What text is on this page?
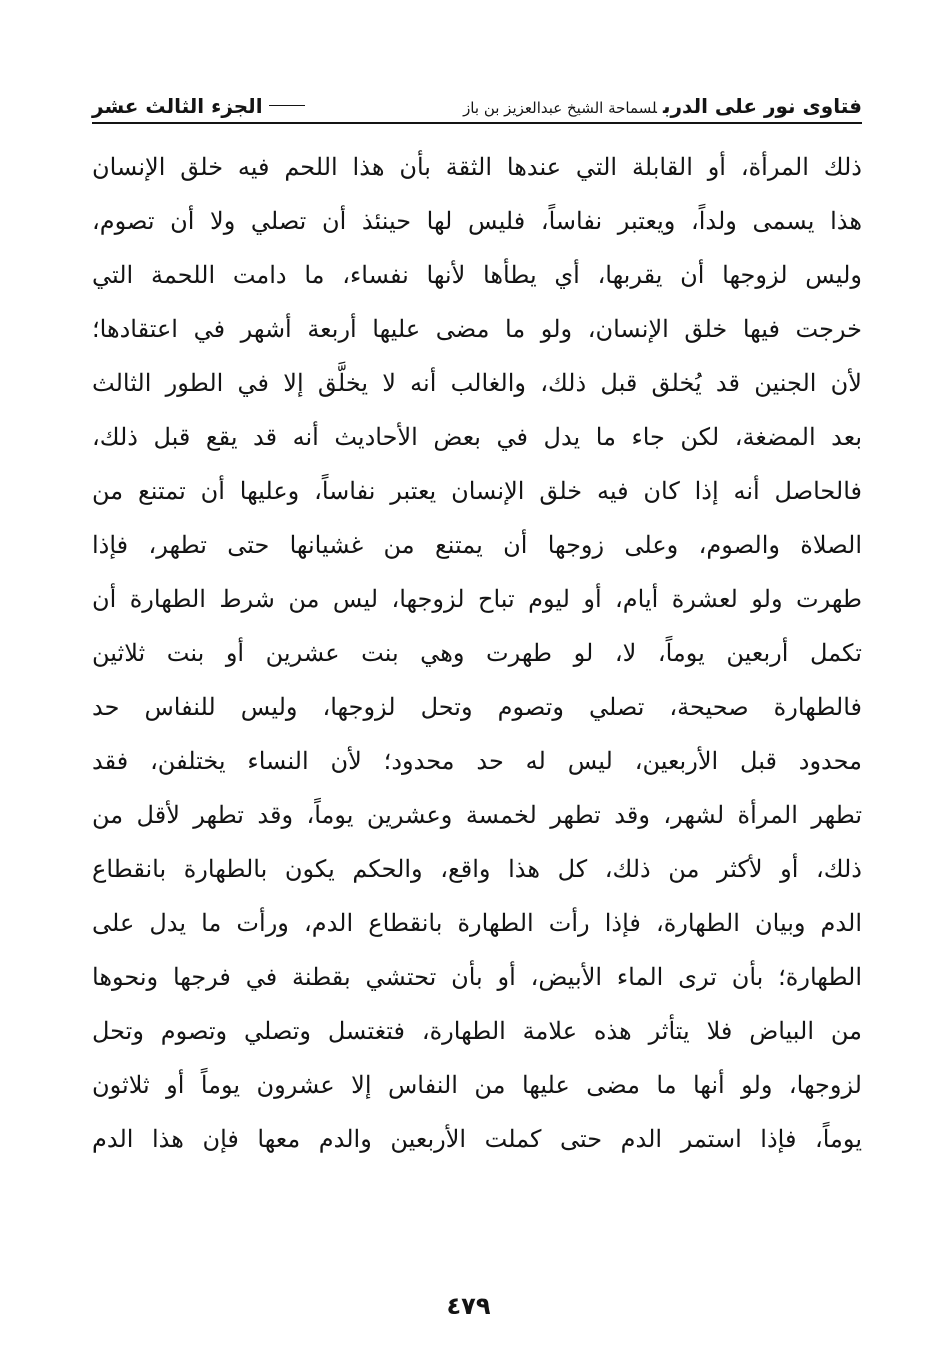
فتاوى نور على الدربلسماحة الشيخ عبدالعزيز بن باز
الجزء الثالث عشر
ذلك المرأة، أو القابلة التي عندها الثقة بأن هذا اللحم فيه خلق الإنسان
هذا يسمى ولداً، ويعتبر نفاساً، فليس لها حينئذ أن تصلي ولا أن تصوم،
وليس لزوجها أن يقربها، أي يطأها لأنها نفساء، ما دامت اللحمة التي
خرجت فيها خلق الإنسان، ولو ما مضى عليها أربعة أشهر في اعتقادها؛
لأن الجنين قد يُخلق قبل ذلك، والغالب أنه لا يخلَّق إلا في الطور الثالث
بعد المضغة، لكن جاء ما يدل في بعض الأحاديث أنه قد يقع قبل ذلك،
فالحاصل أنه إذا كان فيه خلق الإنسان يعتبر نفاساً، وعليها أن تمتنع من
الصلاة والصوم، وعلى زوجها أن يمتنع من غشيانها حتى تطهر، فإذا
طهرت ولو لعشرة أيام، أو ليوم تباح لزوجها، ليس من شرط الطهارة أن
تكمل أربعين يوماً، لا، لو طهرت وهي بنت عشرين أو بنت ثلاثين
فالطهارة صحيحة، تصلي وتصوم وتحل لزوجها، وليس للنفاس حد
محدود قبل الأربعين، ليس له حد محدود؛ لأن النساء يختلفن، فقد
تطهر المرأة لشهر، وقد تطهر لخمسة وعشرين يوماً، وقد تطهر لأقل من
ذلك، أو لأكثر من ذلك، كل هذا واقع، والحكم يكون بالطهارة بانقطاع
الدم وبيان الطهارة، فإذا رأت الطهارة بانقطاع الدم، ورأت ما يدل على
الطهارة؛ بأن ترى الماء الأبيض، أو بأن تحتشي بقطنة في فرجها ونحوها
من البياض فلا يتأثر هذه علامة الطهارة، فتغتسل وتصلي وتصوم وتحل
لزوجها، ولو أنها ما مضى عليها من النفاس إلا عشرون يوماً أو ثلاثون
يوماً، فإذا استمر الدم حتى كملت الأربعين والدم معها فإن هذا الدم
٤٧٩
